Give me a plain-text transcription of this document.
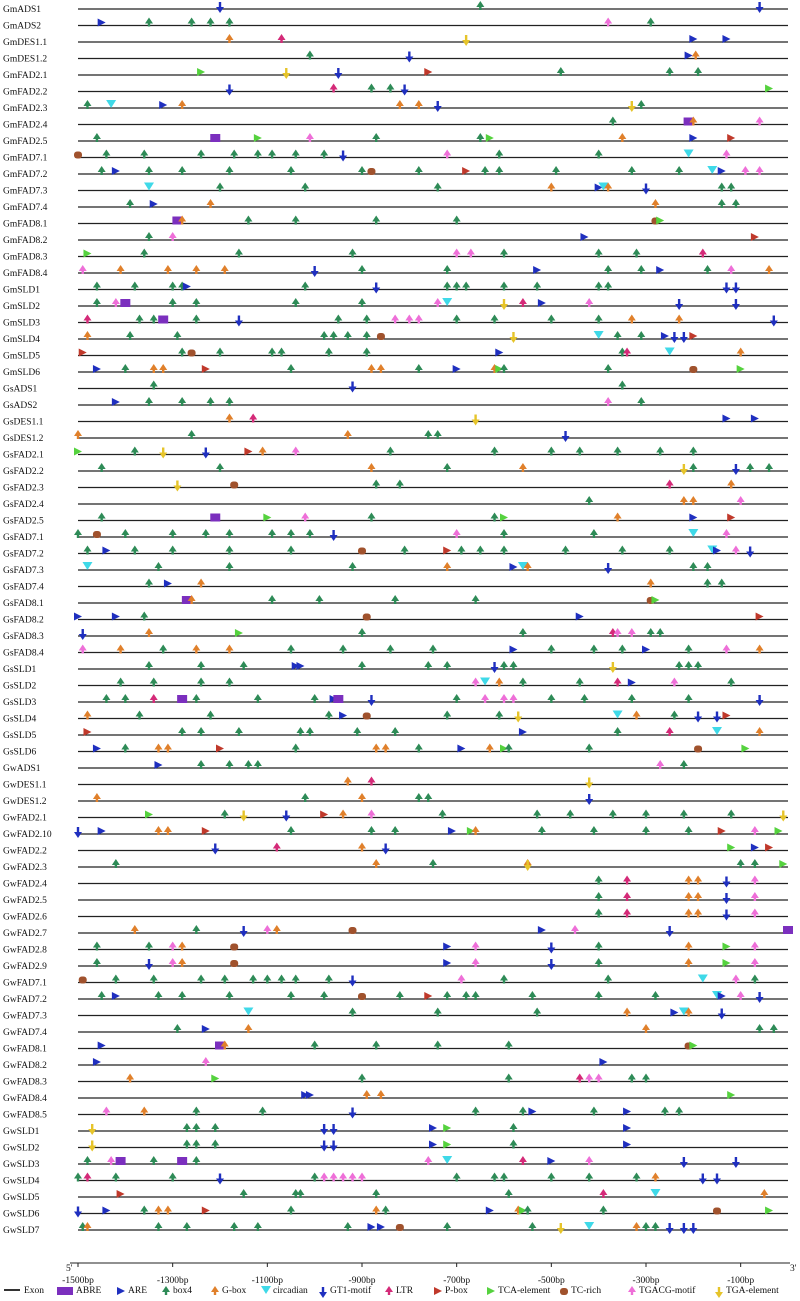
GmADS1
GmADS2
GmDES1.1
GmDES1.2
GmFAD2.1
GmFAD2.2
GmFAD2.3
GmFAD2.4
GmFAD2.5
GmFAD7.1
GmFAD7.2
GmFAD7.3
GmFAD7.4
GmFAD8.1
GmFAD8.2
GmFAD8.3
GmFAD8.4
GmSLD1
GmSLD2
GmSLD3
GmSLD4
GmSLD5
GmSLD6
GsADS1
GsADS2
GsDES1.1
GsDES1.2
GsFAD2.1
GsFAD2.2
GsFAD2.3
GsFAD2.4
GsFAD2.5
GsFAD7.1
GsFAD7.2
GsFAD7.3
GsFAD7.4
GsFAD8.1
GsFAD8.2
GsFAD8.3
GsFAD8.4
GsSLD1
GsSLD2
GsSLD3
GsSLD4
GsSLD5
GsSLD6
GwADS1
GwDES1.1
GwDES1.2
GwFAD2.1
GwFAD2.10
GwFAD2.2
GwFAD2.3
GwFAD2.4
GwFAD2.5
GwFAD2.6
GwFAD2.7
GwFAD2.8
GwFAD2.9
GwFAD7.1
GwFAD7.2
GwFAD7.3
GwFAD7.4
GwFAD8.1
GwFAD8.2
GwFAD8.3
GwFAD8.4
GwFAD8.5
GwSLD1
GwSLD2
GwSLD3
GwSLD4
GwSLD5
GwSLD6
GwSLD7
5'	3'
-1500bp	-1300bp	-1100bp	-900bp	-700bp	-500bp	-300bp	-100bp
Exon	ABRE	ARE	box4	G-box	circadian GT1-motif	LTR	P-box	TCA-element TC-rich	TGACG-motif	TGA-element
